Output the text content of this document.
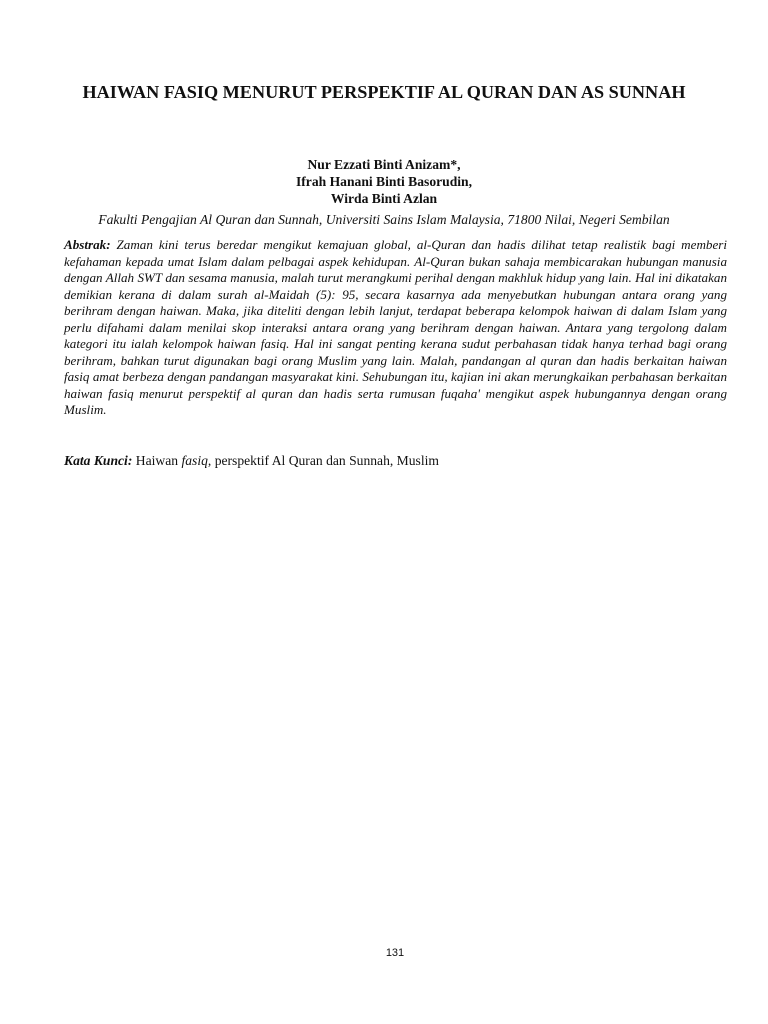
HAIWAN FASIQ MENURUT PERSPEKTIF AL QURAN DAN AS SUNNAH
Nur Ezzati Binti Anizam*,
Ifrah Hanani Binti Basorudin,
Wirda Binti Azlan

Fakulti Pengajian Al Quran dan Sunnah, Universiti Sains Islam Malaysia, 71800 Nilai, Negeri Sembilan

Abstrak: Zaman kini terus beredar mengikut kemajuan global, al-Quran dan hadis dilihat tetap realistik bagi memberi kefahaman kepada umat Islam dalam pelbagai aspek kehidupan. Al-Quran bukan sahaja membicarakan hubungan manusia dengan Allah SWT dan sesama manusia, malah turut merangkumi perihal dengan makhluk hidup yang lain. Hal ini dikatakan demikian kerana di dalam surah al-Maidah (5): 95, secara kasarnya ada menyebutkan hubungan antara orang yang berihram dengan haiwan. Maka, jika diteliti dengan lebih lanjut, terdapat beberapa kelompok haiwan di dalam Islam yang perlu difahami dalam menilai skop interaksi antara orang yang berihram dengan haiwan. Antara yang tergolong dalam kategori itu ialah kelompok haiwan fasiq. Hal ini sangat penting kerana sudut perbahasan tidak hanya terhad bagi orang berihram, bahkan turut digunakan bagi orang Muslim yang lain. Malah, pandangan al quran dan hadis berkaitan haiwan fasiq amat berbeza dengan pandangan masyarakat kini. Sehubungan itu, kajian ini akan merungkaikan perbahasan berkaitan haiwan fasiq menurut perspektif al quran dan hadis serta rumusan fuqaha' mengikut aspek hubungannya dengan orang Muslim.

Kata Kunci: Haiwan fasiq, perspektif Al Quran dan Sunnah, Muslim

131
